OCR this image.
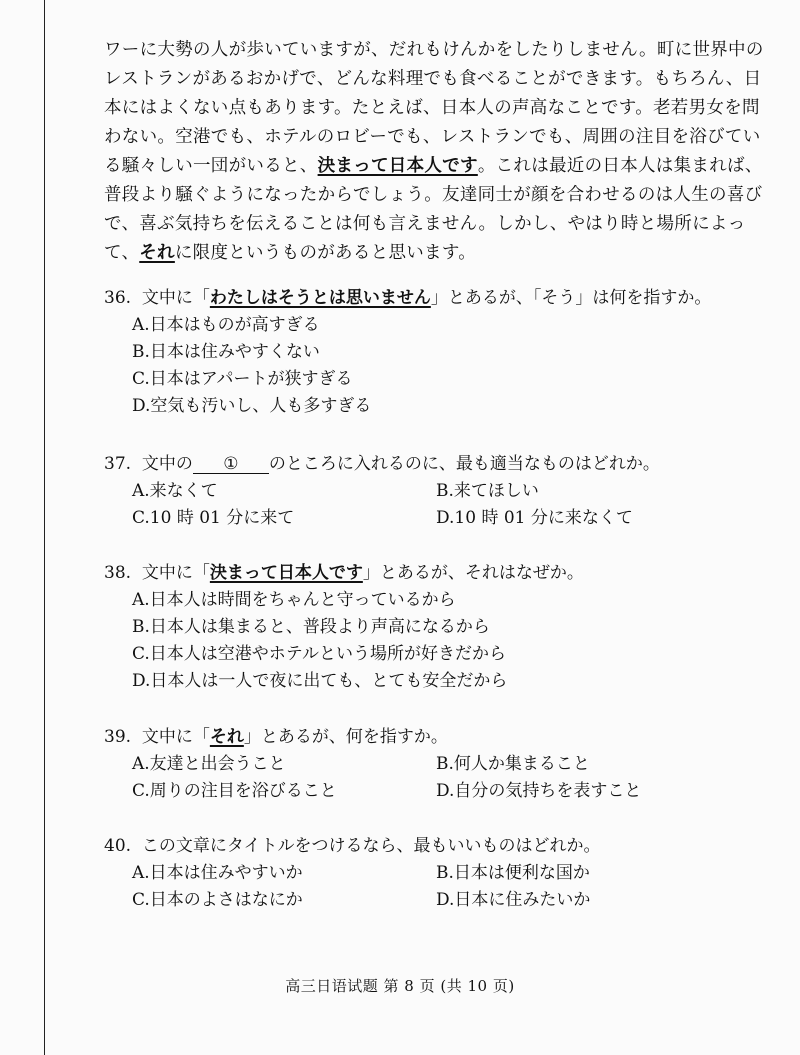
ワーに大勢の人が歩いていますが、だれもけんかをしたりしません。町に世界中のレストランがあるおかげで、どんな料理でも食べることができます。もちろん、日本にはよくない点もあります。たとえば、日本人の声高なことです。老若男女を問わない。空港でも、ホテルのロビーでも、レストランでも、周囲の注目を浴びている騒々しい一団がいると、決まって日本人です。これは最近の日本人は集まれば、普段より騒ぐようになったからでしょう。友達同士が顔を合わせるのは人生の喜びで、喜ぶ気持ちを伝えることは何も言えません。しかし、やはり時と場所によって、それに限度というものがあると思います。

36. 文中に「わたしはそうとは思いません」とあるが、「そう」は何を指すか。

A.日本はものが高すぎる
B.日本は住みやすくない
C.日本はアパートが狭すぎる
D.空気も汚いし、人も多すぎる

37. 文中の ① のところに入れるのに、最も適当なものはどれか。

A.来なくて	B.来てほしい
C.10 時 01 分に来て	D.10 時 01 分に来なくて

38. 文中に「決まって日本人です」とあるが、それはなぜか。

A.日本人は時間をちゃんと守っているから
B.日本人は集まると、普段より声高になるから
C.日本人は空港やホテルという場所が好きだから
D.日本人は一人で夜に出ても、とても安全だから

39. 文中に「それ」とあるが、何を指すか。

A.友達と出会うこと	B.何人か集まること
C.周りの注目を浴びること	D.自分の気持ちを表すこと

40. この文章にタイトルをつけるなら、最もいいものはどれか。

A.日本は住みやすいか	B.日本は便利な国か
C.日本のよさはなにか	D.日本に住みたいか
高三日语试题 第 8 页 (共 10 页)
